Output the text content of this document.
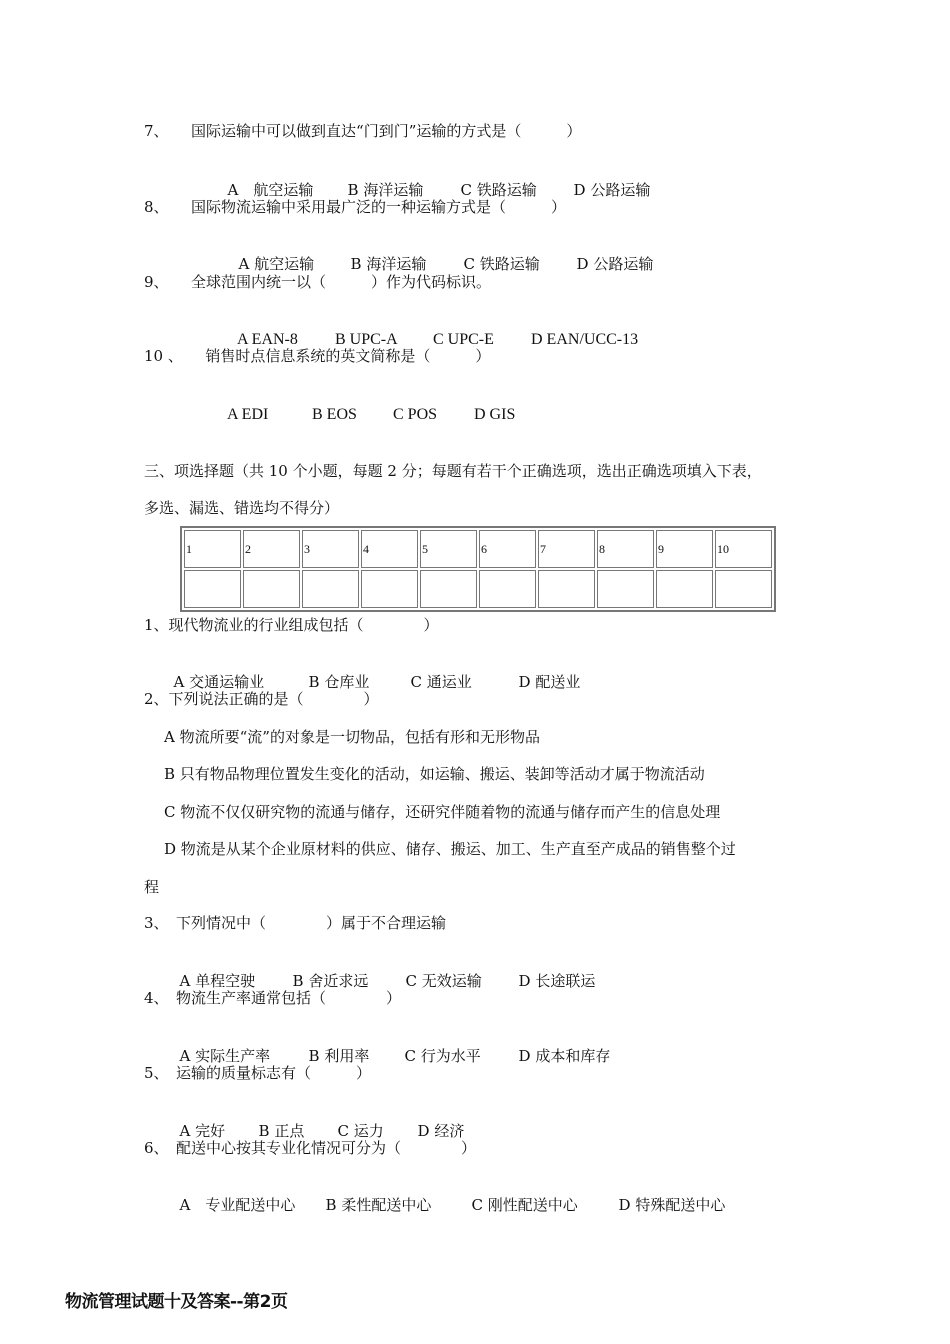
7、　　国际运输中可以做到直达“门到门”运输的方式是（　　　）

A　航空运输 B 海洋运输 C 铁路运输 D 公路运输

8、　　国际物流运输中采用最广泛的一种运输方式是（　　　）

A 航空运输 B 海洋运输 C 铁路运输 D 公路运输

9、　　全球范围内统一以（　　　）作为代码标识。

A EAN-8 B UPC-A C UPC-E D EAN/UCC-13

10 、　　销售时点信息系统的英文简称是（　　　）

A EDI	B EOS C POS D GIS

三、项选择题（共 10 个小题，每题 2 分；每题有若干个正确选项，选出正确选项填入下表，
多选、漏选、错选均不得分）
1	2	3	4	5	6	7	8	9	10

1、现代物流业的行业组成包括（　　　　）

A 交通运输业	B 仓库业	C 通运业	D 配送业

2、下列说法正确的是（　　　　）
A 物流所要“流”的对象是一切物品，包括有形和无形物品
B 只有物品物理位置发生变化的活动，如运输、搬运、装卸等活动才属于物流活动
C 物流不仅仅研究物的流通与储存，还研究伴随着物的流通与储存而产生的信息处理
D 物流是从某个企业原材料的供应、储存、搬运、加工、生产直至产成品的销售整个过
程
3、　下列情况中（　　　　）属于不合理运输

A 单程空驶 B 舍近求远 C 无效运输 D 长途联运

4、　物流生产率通常包括（　　　　）

A 实际生产率	B 利用率 C 行为水平	D 成本和库存

5、　运输的质量标志有（　　　）

A 完好 B 正点 C 运力 D 经济

6、　配送中心按其专业化情况可分为（　　　　）

A　专业配送中心 B 柔性配送中心	C 刚性配送中心	D 特殊配送中心

物流管理试题十及答案--第2页
